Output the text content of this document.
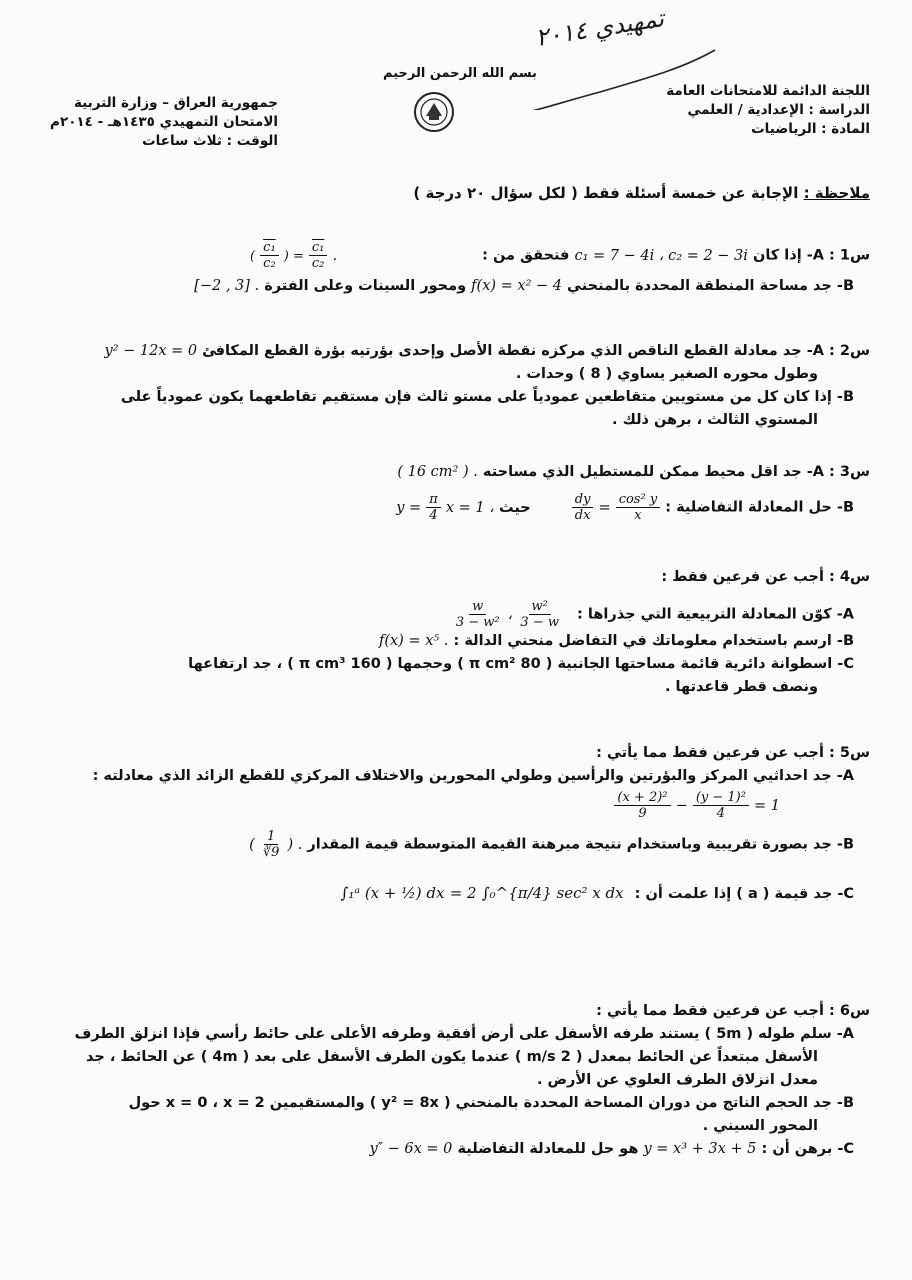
تمهيدي ٢٠١٤
بسم الله الرحمن الرحيم
اللجنة الدائمة للامتحانات العامة
الدراسة : الإعدادية / العلمي
المادة : الرياضيات
جمهورية العراق – وزارة التربية
الامتحان التمهيدي ١٤٣٥هـ - ٢٠١٤م
الوقت : ثلاث ساعات
ملاحظة : الإجابة عن خمسة أسئلة فقط ( لكل سؤال ٢٠ درجة )
س1 : A- إذا كان c₁ = 7 − 4i ، c₂ = 2 − 3i فتحقق من : ( $\frac{\text{c₁}}{\text{c₂}}$ ) = $\frac{\text{c₁}}{\text{c₂}}$ .
B- جد مساحة المنطقة المحددة بالمنحني f(x) = x² − 4 ومحور السينات وعلى الفترة [−2 , 3] .
س2 : A- جد معادلة القطع الناقص الذي مركزه نقطة الأصل وإحدى بؤرتيه بؤرة القطع المكافئ y² − 12x = 0
وطول محوره الصغير يساوي ( 8 ) وحدات .
B- إذا كان كل من مستويين متقاطعين عمودياً على مستو ثالث فإن مستقيم تقاطعهما يكون عمودياً على
المستوي الثالث ، برهن ذلك .
س3 : A- جد اقل محيط ممكن للمستطيل الذي مساحته ( 16 cm² ) .
B- حل المعادلة التفاضلية :
$\frac{dy}{dx} = \frac{\text{cos² y}}{x}$
حيث x = 1 ، $y = \frac{\pi}{4}$
س4 : أجب عن فرعين فقط :
A- كوّن المعادلة التربيعية التي جذراها :
$\frac{w}{\text{3 − w²}}$ ، $\frac{\text{w²}}{3 - w}$
B- ارسم باستخدام معلوماتك في التفاضل منحني الدالة : f(x) = x⁵ .
C- اسطوانة دائرية قائمة مساحتها الجانبية ( 80 π cm² ) وحجمها ( 160 π cm³ ) ، جد ارتفاعها
ونصف قطر قاعدتها .
س5 : أجب عن فرعين فقط مما يأتي :
A- جد احداثيي المركز والبؤرتين والرأسين وطولي المحورين والاختلاف المركزي للقطع الزائد الذي معادلته :
$\frac{\text{(x + 2)²}}{9} - \frac{\text{(y − 1)²}}{4} = 1$
B- جد بصورة تقريبية وباستخدام نتيجة مبرهنة القيمة المتوسطة قيمة المقدار ( $\frac{1}{∛9}$ ) .
C- جد قيمة ( a ) إذا علمت أن : ∫₁ᵃ (x + ½) dx = 2 ∫₀^{π/4} sec² x dx
س6 : أجب عن فرعين فقط مما يأتي :
A- سلم طوله ( 5m ) يستند طرفه الأسفل على أرض أفقية وطرفه الأعلى على حائط رأسي فإذا انزلق الطرف
الأسفل مبتعداً عن الحائط بمعدل ( 2 m/s ) عندما يكون الطرف الأسفل على بعد ( 4m ) عن الحائط ، جد
معدل انزلاق الطرف العلوي عن الأرض .
B- جد الحجم الناتج من دوران المساحة المحددة بالمنحني ( y² = 8x ) والمستقيمين x = 0 ، x = 2 حول
المحور السيني .
C- برهن أن : y = x³ + 3x + 5 هو حل للمعادلة التفاضلية y″ − 6x = 0
